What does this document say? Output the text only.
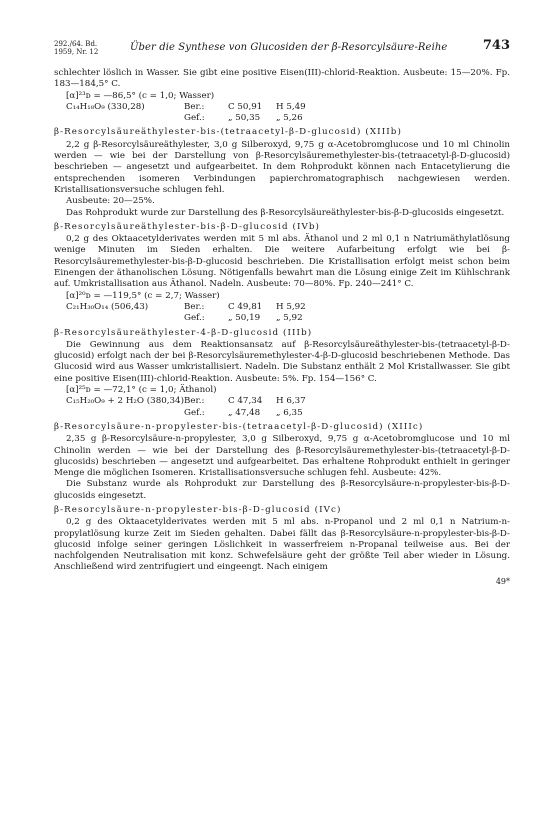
292./64. Bd.
1959, Nr. 12	Über die Synthese von Glucosiden der β-Resorcylsäure-Reihe	743

schlechter löslich in Wasser. Sie gibt eine positive Eisen(III)-chlorid-Reaktion. Ausbeute: 15—20%. Fp. 183—184,5° C.

[α]²³ᴅ = —86,5° (c = 1,0; Wasser)
C₁₄H₁₈O₉ (330,28)	Ber.:	C 50,91	H 5,49
Gef.:	„ 50,35	„ 5,26
β-Resorcylsäureäthylester-bis-(tetraacetyl-β-D-glucosid) (XIIIb)

2,2 g β-Resorcylsäureäthylester, 3,0 g Silberoxyd, 9,75 g α-Acetobromglucose und 10 ml Chinolin werden — wie bei der Darstellung von β-Resorcylsäuremethylester-bis-(tetraacetyl-β-D-glucosid) beschrieben — angesetzt und aufgearbeitet. In dem Rohprodukt können nach Entacetylierung die entsprechenden isomeren Verbindungen papierchromatographisch nachgewiesen werden. Kristallisationsversuche schlugen fehl.

Ausbeute: 20—25%.

Das Rohprodukt wurde zur Darstellung des β-Resorcylsäureäthylester-bis-β-D-glucosids eingesetzt.

β-Resorcylsäureäthylester-bis-β-D-glucosid (IVb)

0,2 g des Oktaacetylderivates werden mit 5 ml abs. Äthanol und 2 ml 0,1 n Natriumäthylatlösung wenige Minuten im Sieden erhalten. Die weitere Aufarbeitung erfolgt wie bei β-Resorcylsäuremethylester-bis-β-D-glucosid beschrieben. Die Kristallisation erfolgt meist schon beim Einengen der äthanolischen Lösung. Nötigenfalls bewahrt man die Lösung einige Zeit im Kühlschrank auf. Umkristallisation aus Äthanol. Nadeln. Ausbeute: 70—80%. Fp. 240—241° C.

[α]²⁰ᴅ = —119,5° (c = 2,7; Wasser)
C₂₁H₃₀O₁₄ (506,43)	Ber.:	C 49,81	H 5,92
Gef.:	„ 50,19	„ 5,92
β-Resorcylsäureäthylester-4-β-D-glucosid (IIIb)

Die Gewinnung aus dem Reaktionsansatz auf β-Resorcylsäureäthylester-bis-(tetraacetyl-β-D-glucosid) erfolgt nach der bei β-Resorcylsäuremethylester-4-β-D-glucosid beschriebenen Methode. Das Glucosid wird aus Wasser umkristallisiert. Nadeln. Die Substanz enthält 2 Mol Kristallwasser. Sie gibt eine positive Eisen(III)-chlorid-Reaktion. Ausbeute: 5%. Fp. 154—156° C.

[α]²⁵ᴅ = —72,1° (c = 1,0; Äthanol)
C₁₅H₂₀O₉ + 2 H₂O (380,34) Ber.:	C 47,34	H 6,37
Gef.:	„ 47,48	„ 6,35
β-Resorcylsäure-n-propylester-bis-(tetraacetyl-β-D-glucosid) (XIIIc)

2,35 g β-Resorcylsäure-n-propylester, 3,0 g Silberoxyd, 9,75 g α-Acetobromglucose und 10 ml Chinolin werden — wie bei der Darstellung des β-Resorcylsäuremethylester-bis-(tetraacetyl-β-D-glucosids) beschrieben — angesetzt und aufgearbeitet. Das erhaltene Rohprodukt enthielt in geringer Menge die möglichen Isomeren. Kristallisationsversuche schlugen fehl. Ausbeute: 42%.

Die Substanz wurde als Rohprodukt zur Darstellung des β-Resorcylsäure-n-propylester-bis-β-D-glucosids eingesetzt.

β-Resorcylsäure-n-propylester-bis-β-D-glucosid (IVc)

0,2 g des Oktaacetylderivates werden mit 5 ml abs. n-Propanol und 2 ml 0,1 n Natrium-n-propylatlösung kurze Zeit im Sieden gehalten. Dabei fällt das β-Resorcylsäure-n-propylester-bis-β-D-glucosid infolge seiner geringen Löslichkeit in wasserfreiem n-Propanal teilweise aus. Bei der nachfolgenden Neutralisation mit konz. Schwefelsäure geht der größte Teil aber wieder in Lösung. Anschließend wird zentrifugiert und eingeengt. Nach einigem

49*
